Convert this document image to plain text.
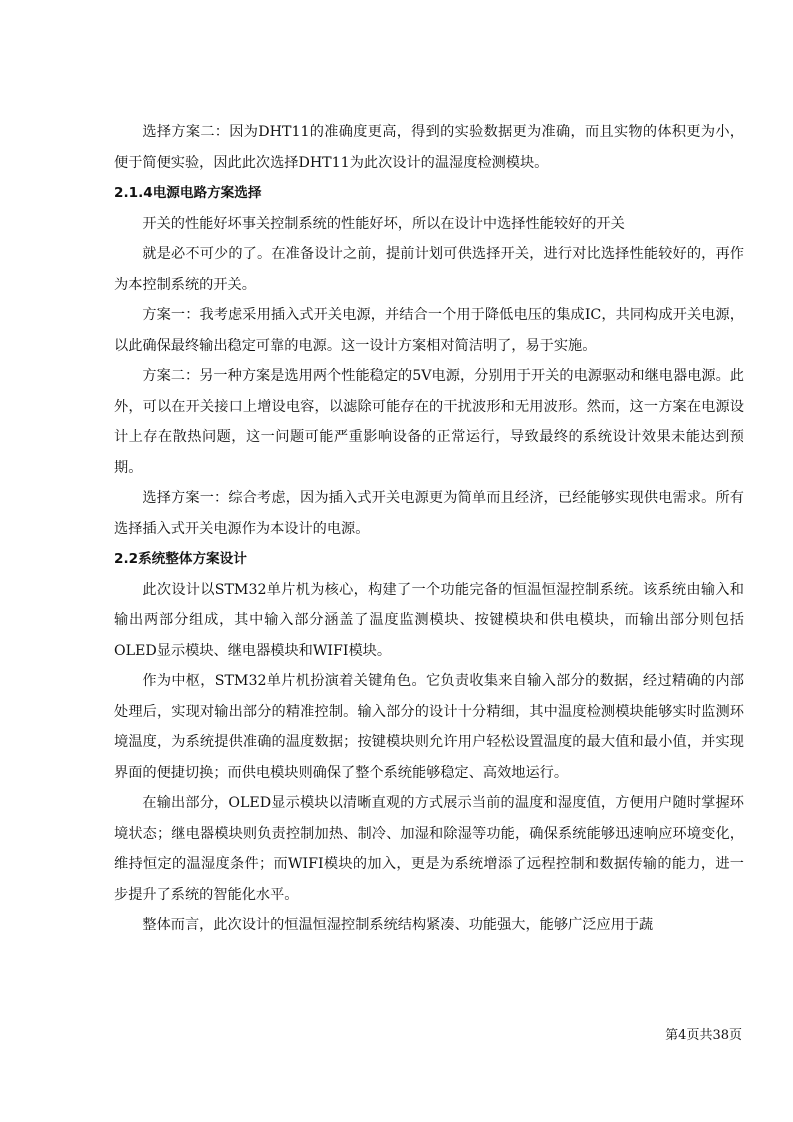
选择方案二：因为DHT11的准确度更高，得到的实验数据更为准确，而且实物的体积更为小，便于简便实验，因此此次选择DHT11为此次设计的温湿度检测模块。

2.1.4电源电路方案选择

开关的性能好坏事关控制系统的性能好坏，所以在设计中选择性能较好的开关

就是必不可少的了。在准备设计之前，提前计划可供选择开关，进行对比选择性能较好的，再作为本控制系统的开关。

方案一：我考虑采用插入式开关电源，并结合一个用于降低电压的集成IC，共同构成开关电源，以此确保最终输出稳定可靠的电源。这一设计方案相对简洁明了，易于实施。

方案二：另一种方案是选用两个性能稳定的5V电源，分别用于开关的电源驱动和继电器电源。此外，可以在开关接口上增设电容，以滤除可能存在的干扰波形和无用波形。然而，这一方案在电源设计上存在散热问题，这一问题可能严重影响设备的正常运行，导致最终的系统设计效果未能达到预期。

选择方案一：综合考虑，因为插入式开关电源更为简单而且经济，已经能够实现供电需求。所有选择插入式开关电源作为本设计的电源。

2.2系统整体方案设计

此次设计以STM32单片机为核心，构建了一个功能完备的恒温恒湿控制系统。该系统由输入和输出两部分组成，其中输入部分涵盖了温度监测模块、按键模块和供电模块，而输出部分则包括OLED显示模块、继电器模块和WIFI模块。

作为中枢，STM32单片机扮演着关键角色。它负责收集来自输入部分的数据，经过精确的内部处理后，实现对输出部分的精准控制。输入部分的设计十分精细，其中温度检测模块能够实时监测环境温度，为系统提供准确的温度数据；按键模块则允许用户轻松设置温度的最大值和最小值，并实现界面的便捷切换；而供电模块则确保了整个系统能够稳定、高效地运行。

在输出部分，OLED显示模块以清晰直观的方式展示当前的温度和湿度值，方便用户随时掌握环境状态；继电器模块则负责控制加热、制冷、加湿和除湿等功能，确保系统能够迅速响应环境变化，维持恒定的温湿度条件；而WIFI模块的加入，更是为系统增添了远程控制和数据传输的能力，进一步提升了系统的智能化水平。

整体而言，此次设计的恒温恒湿控制系统结构紧凑、功能强大，能够广泛应用于蔬

第4页共38页
